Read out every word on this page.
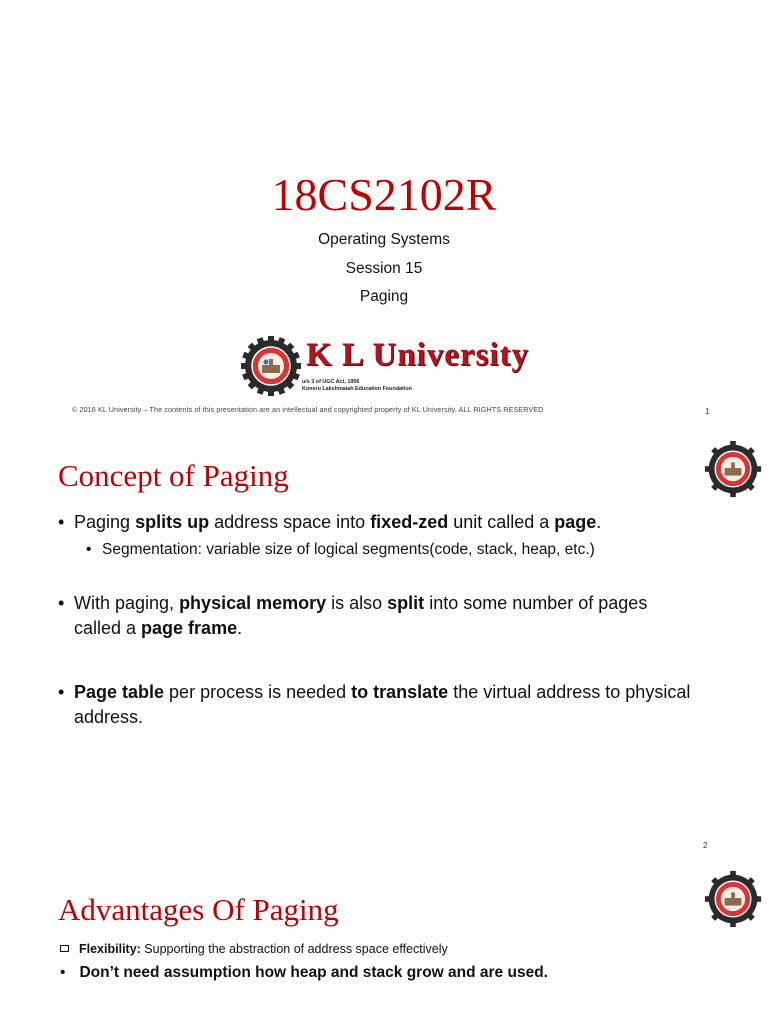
18CS2102R
Operating Systems
Session 15
Paging
K L University
u/s 3 of UGC Act, 1956
Koneru Lakshmaiah Education Foundation
© 2016 KL University – The contents of this presentation are an intellectual and copyrighted property of KL University. ALL RIGHTS RESERVED	1
Concept of Paging
• Paging splits up address space into fixed-zed unit called a page.
• Segmentation: variable size of logical segments(code, stack, heap, etc.)
• With paging, physical memory is also split into some number of pages called a page frame.
• Page table per process is needed to translate the virtual address to physical address.
2
Advantages Of Paging
Flexibility: Supporting the abstraction of address space effectively
• Don’t need assumption how heap and stack grow and are used.
